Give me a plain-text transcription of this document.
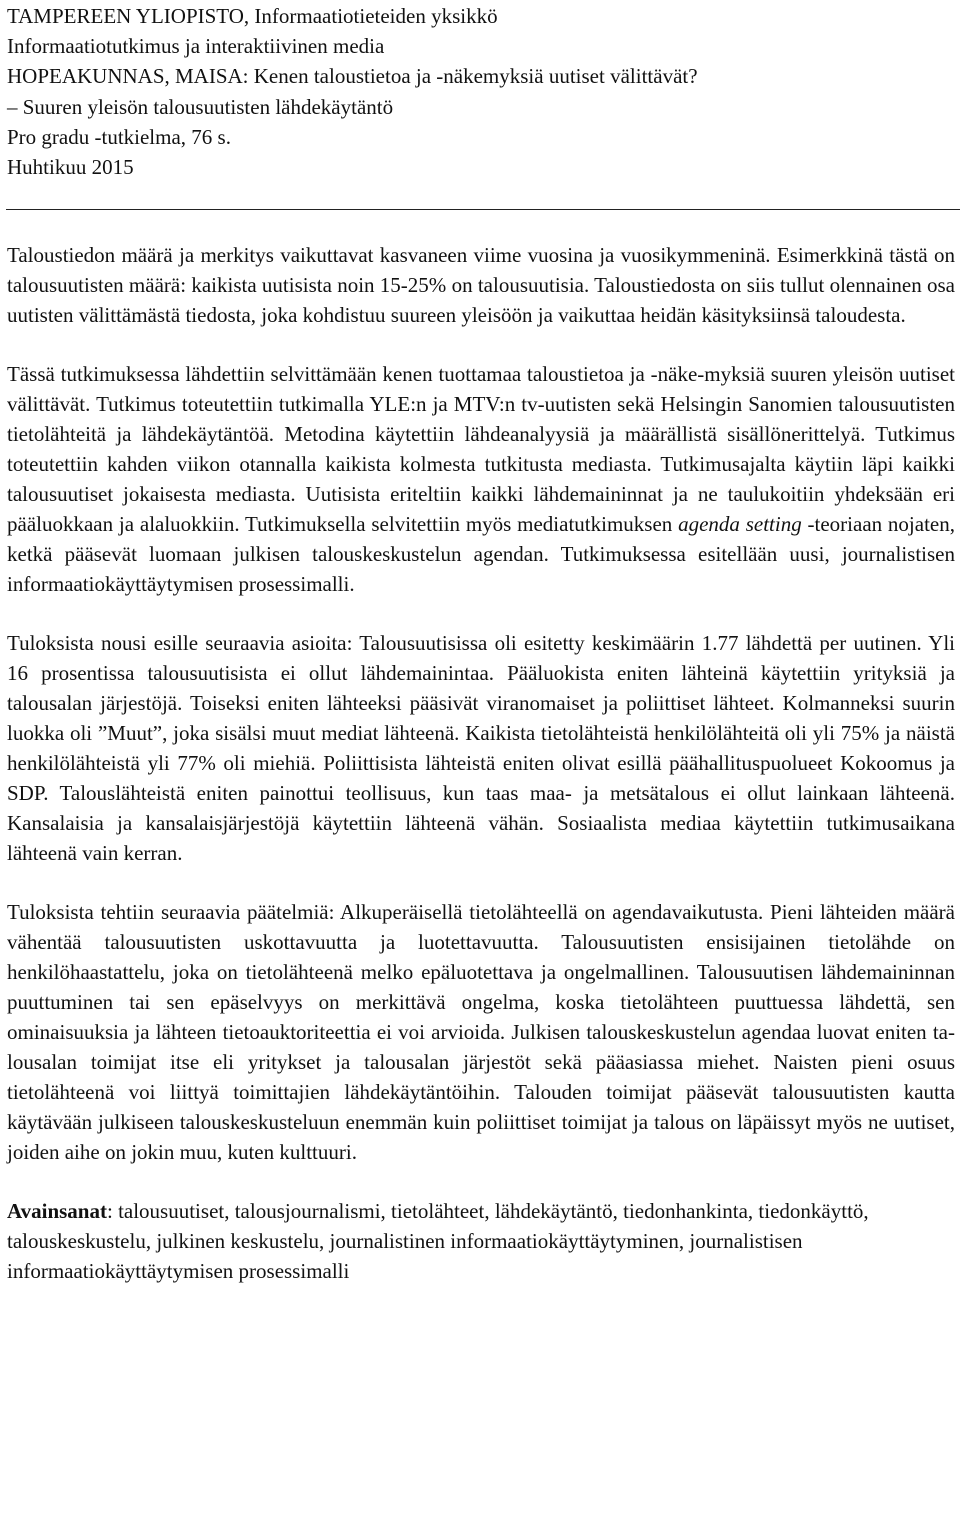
TAMPEREEN YLIOPISTO, Informaatiotieteiden yksikkö
Informaatiotutkimus ja interaktiivinen media
HOPEAKUNNAS, MAISA: Kenen taloustietoa ja -näkemyksiä uutiset välittävät?
– Suuren yleisön talousuutisten lähdekäytäntö
Pro gradu -tutkielma, 76 s.
Huhtikuu 2015

Taloustiedon määrä ja merkitys vaikuttavat kasvaneen viime vuosina ja vuosikymmeninä. Esimerkkinä tästä on talousuutisten määrä: kaikista uutisista noin 15-25% on talousuutisia. Taloustiedosta on siis tullut olennainen osa uutisten välittämästä tiedosta, joka kohdistuu suureen yleisöön ja vaikuttaa heidän käsityksiinsä taloudesta.

Tässä tutkimuksessa lähdettiin selvittämään kenen tuottamaa taloustietoa ja -näke-myksiä suuren yleisön uutiset välittävät. Tutkimus toteutettiin tutkimalla YLE:n ja MTV:n tv-uutisten sekä Helsingin Sanomien talousuutisten tietolähteitä ja lähdekäytäntöä. Metodina käytettiin lähdeanalyysiä ja määrällistä sisällönerittelyä. Tutkimus toteutettiin kahden viikon otannalla kaikista kolmesta tutkitusta mediasta. Tutkimusajalta käytiin läpi kaikki talousuutiset jokaisesta mediasta. Uutisista eriteltiin kaikki lähdemaininnat ja ne taulukoitiin yhdeksään eri pääluokkaan ja alaluokkiin. Tutkimuksella selvitettiin myös mediatutkimuksen agenda setting -teoriaan nojaten, ketkä pääsevät luomaan julkisen talouskeskustelun agendan. Tutkimuksessa esitellään uusi, journalistisen informaatiokäyttäytymisen prosessimalli.

Tuloksista nousi esille seuraavia asioita: Talousuutisissa oli esitetty keskimäärin 1.77 lähdettä per uutinen. Yli 16 prosentissa talousuutisista ei ollut lähdemainintaa. Pääluokista eniten lähteinä käytettiin yrityksiä ja talousalan järjestöjä. Toiseksi eniten lähteeksi pääsivät viranomaiset ja poliittiset lähteet. Kolmanneksi suurin luokka oli ”Muut”, joka sisälsi muut mediat lähteenä. Kaikista tietolähteistä henkilölähteitä oli yli 75% ja näistä henkilölähteistä yli 77% oli miehiä. Poliittisista lähteistä eniten olivat esillä päähallituspuolueet Kokoomus ja SDP. Talouslähteistä eniten painottui teollisuus, kun taas maa- ja metsätalous ei ollut lainkaan lähteenä. Kansalaisia ja kansalaisjärjestöjä käytettiin lähteenä vähän. Sosiaalista mediaa käytettiin tutkimusaikana lähteenä vain kerran.

Tuloksista tehtiin seuraavia päätelmiä: Alkuperäisellä tietolähteellä on agendavaikutusta. Pieni lähteiden määrä vähentää talousuutisten uskottavuutta ja luotettavuutta. Talousuutisten ensisijainen tietolähde on henkilöhaastattelu, joka on tietolähteenä melko epäluotettava ja ongelmallinen. Talousuutisen lähdemaininnan puuttuminen tai sen epäselvyys on merkittävä ongelma, koska tietolähteen puuttuessa lähdettä, sen ominaisuuksia ja lähteen tietoauktoriteettia ei voi arvioida. Julkisen talouskeskustelun agendaa luovat eniten talousalan toimijat itse eli yritykset ja talousalan järjestöt sekä pääasiassa miehet. Naisten pieni osuus tietolähteenä voi liittyä toimittajien lähdekäytäntöihin. Talouden toimijat pääsevät talousuutisten kautta käytävään julkiseen talouskeskusteluun enemmän kuin poliittiset toimijat ja talous on läpäissyt myös ne uutiset, joiden aihe on jokin muu, kuten kulttuuri.

Avainsanat: talousuutiset, talousjournalismi, tietolähteet, lähdekäytäntö, tiedonhankinta, tiedonkäyttö, talouskeskustelu, julkinen keskustelu, journalistinen informaatiokäyttäytyminen, journalistisen informaatiokäyttäytymisen prosessimalli
